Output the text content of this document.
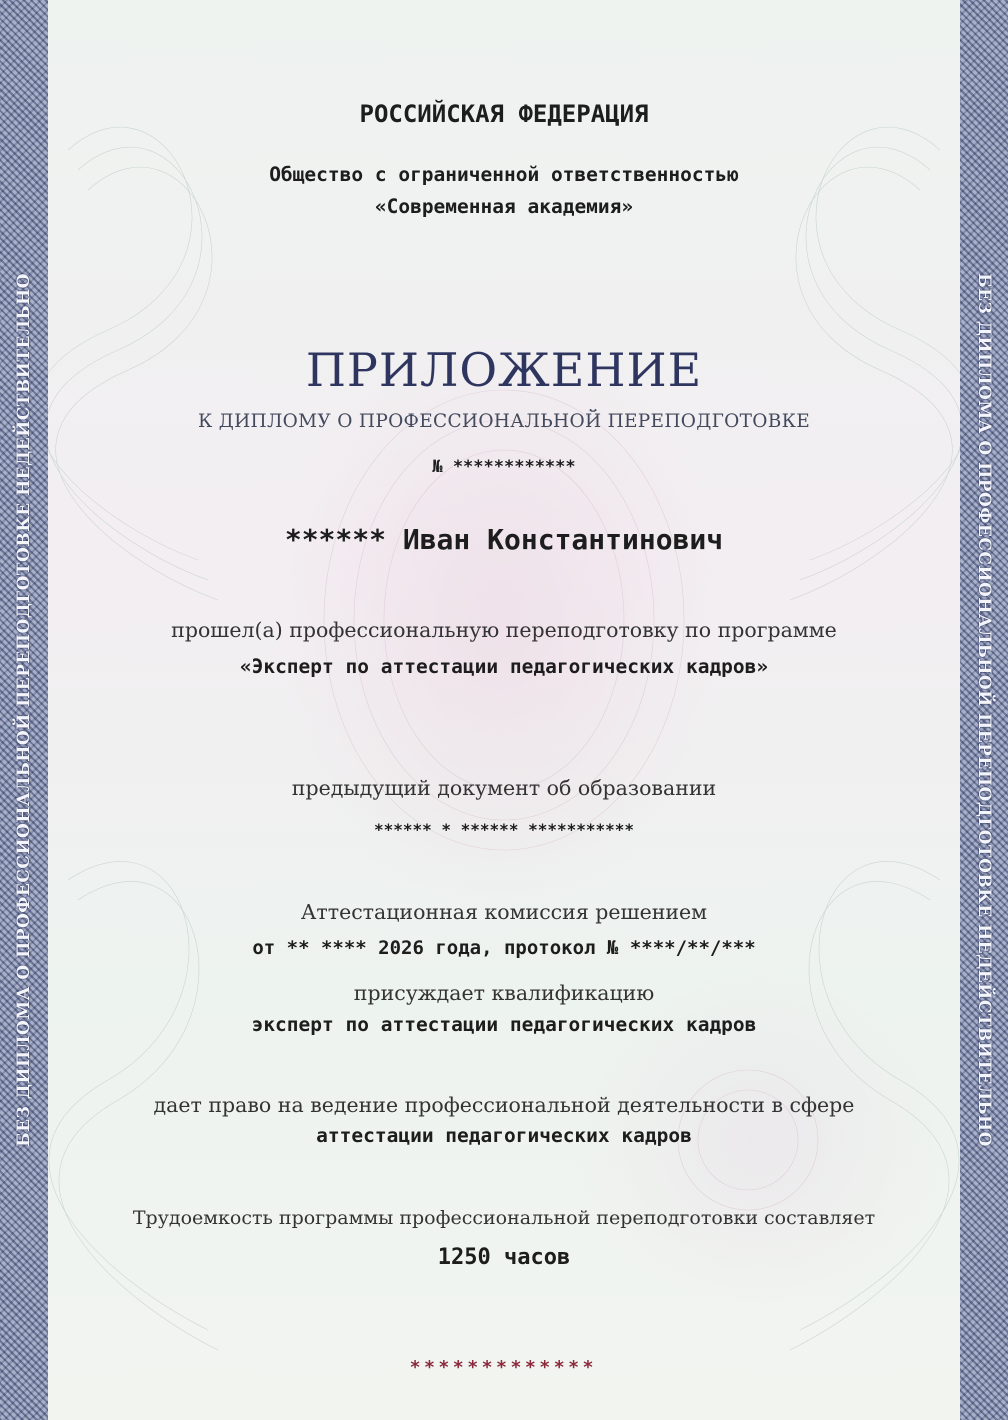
БЕЗ ДИПЛОМА О ПРОФЕССИОНАЛЬНОЙ ПЕРЕПОДГОТОВКЕ НЕДЕЙСТВИТЕЛЬНО	БЕЗ ДИПЛОМА О ПРОФЕССИОНАЛЬНОЙ ПЕРЕПОДГОТОВКЕ НЕДЕЙСТВИТЕЛЬНО
РОССИЙСКАЯ ФЕДЕРАЦИЯ
Общество с ограниченной ответственностью
«Современная академия»
ПРИЛОЖЕНИЕ
К ДИПЛОМУ О ПРОФЕССИОНАЛЬНОЙ ПЕРЕПОДГОТОВКЕ
№ ************
****** Иван Константинович
прошел(а) профессиональную переподготовку по программе
«Эксперт по аттестации педагогических кадров»
предыдущий документ об образовании
****** * ****** ***********
Аттестационная комиссия решением
от ** **** 2026 года, протокол № ****/**/***
присуждает квалификацию
эксперт по аттестации педагогических кадров
дает право на ведение профессиональной деятельности в сфере
аттестации педагогических кадров
Трудоемкость программы профессиональной переподготовки составляет
1250 часов
*************
